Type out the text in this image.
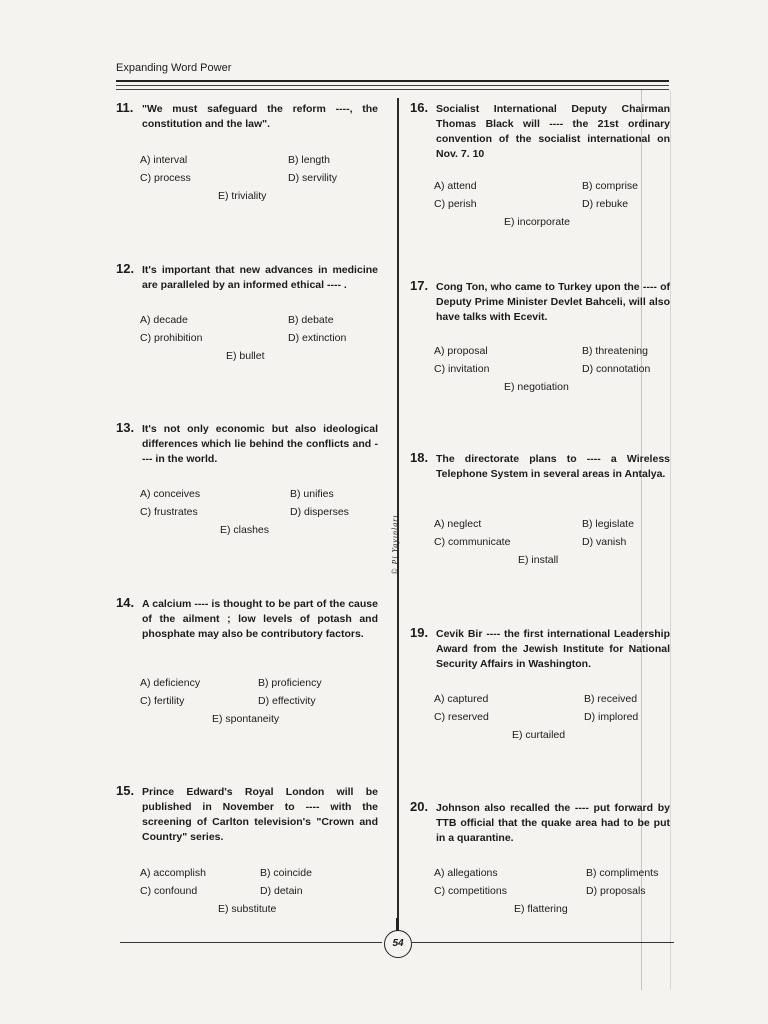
Expanding Word Power
© Pi Yayınları
11. "We must safeguard the reform ----, the constitution and the law".
A) interval	B) length
C) process	D) servility
E) triviality
12. It's important that new advances in medicine are paralleled by an informed ethical ---- .
A) decade	B) debate
C) prohibition	D) extinction
E) bullet
13. It's not only economic but also ideological differences which lie behind the conflicts and ---- in the world.
A) conceives	B) unifies
C) frustrates	D) disperses
E) clashes
14. A calcium ---- is thought to be part of the cause of the ailment ; low levels of potash and phosphate may also be contributory factors.
A) deficiency	B) proficiency
C) fertility	D) effectivity
E) spontaneity
15. Prince Edward's Royal London will be published in November to ---- with the screening of Carlton television's "Crown and Country" series.
A) accomplish	B) coincide
C) confound	D) detain
E) substitute
16. Socialist International Deputy Chairman Thomas Black will ---- the 21st ordinary convention of the socialist international on Nov. 7. 10
A) attend	B) comprise
C) perish	D) rebuke
E) incorporate
17. Cong Ton, who came to Turkey upon the ---- of Deputy Prime Minister Devlet Bahceli, will also have talks with Ecevit.
A) proposal	B) threatening
C) invitation	D) connotation
E) negotiation
18. The directorate plans to ---- a Wireless Telephone System in several areas in Antalya.
A) neglect	B) legislate
C) communicate	D) vanish
E) install
19. Cevik Bir ---- the first international Leadership Award from the Jewish Institute for National Security Affairs in Washington.
A) captured	B) received
C) reserved	D) implored
E) curtailed
20. Johnson also recalled the ---- put forward by TTB official that the quake area had to be put in a quarantine.
A) allegations	B) compliments
C) competitions	D) proposals
E) flattering
54
